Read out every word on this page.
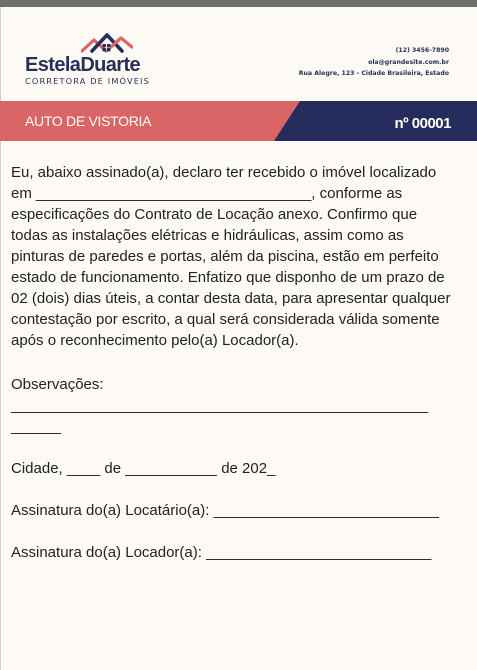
EstelaDuarte
CORRETORA DE IMÓVEIS
(12) 3456-7890
ola@grandesite.com.br
Rua Alegre, 123 - Cidade Brasileira, Estado
AUTO DE VISTORIA	nº 00001
Eu, abaixo assinado(a), declaro ter recebido o imóvel localizado
em _________________________________, conforme as
especificações do Contrato de Locação anexo. Confirmo que
todas as instalações elétricas e hidráulicas, assim como as
pinturas de paredes e portas, além da piscina, estão em perfeito
estado de funcionamento. Enfatizo que disponho de um prazo de
02 (dois) dias úteis, a contar desta data, para apresentar qualquer
contestação por escrito, a qual será considerada válida somente
após o reconhecimento pelo(a) Locador(a).
Observações:
__________________________________________________
______
Cidade, ____ de ___________ de 202_
Assinatura do(a) Locatário(a): ___________________________
Assinatura do(a) Locador(a): ___________________________
